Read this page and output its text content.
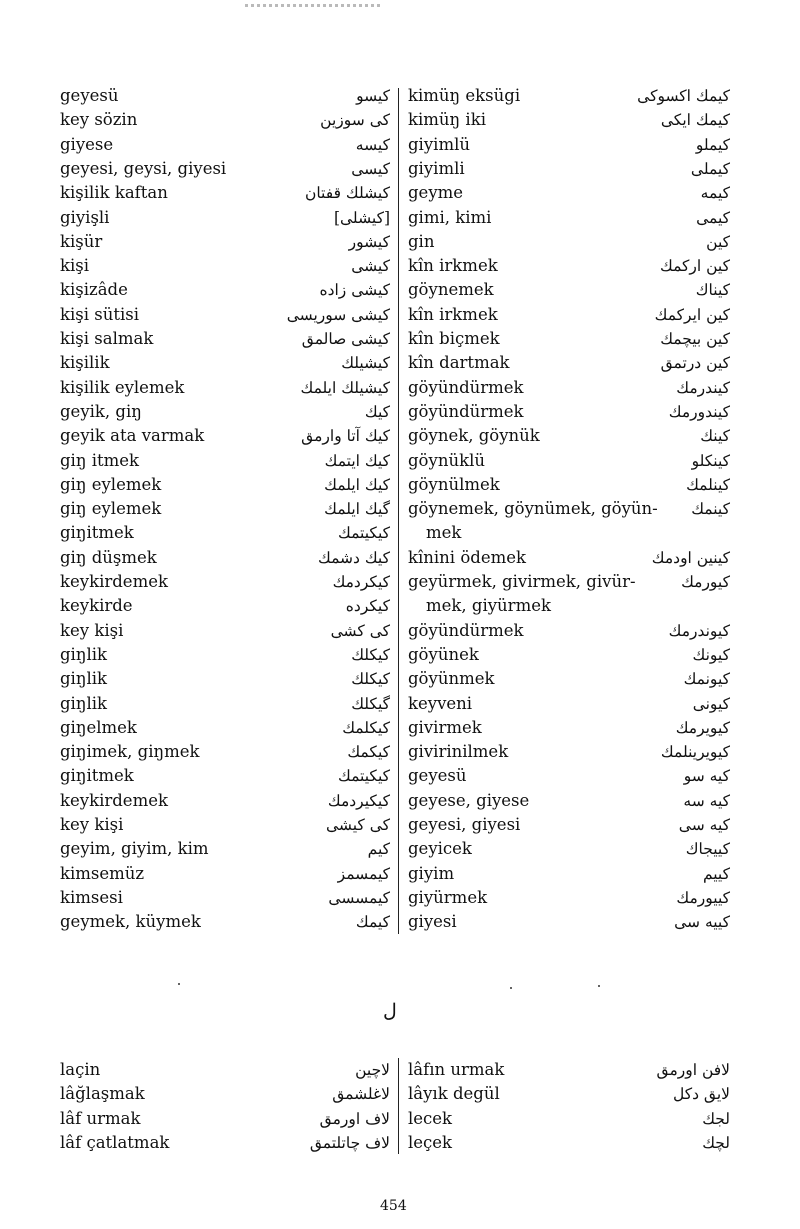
geyesü	کیسو
key sözin	کی سوزین
giyese	کیسه
geyesi, geysi, giyesi	کیسی
kişilik kaftan	کیشلك قفتان
giyişli	[کیشلی]
kişür	کیشور
kişi	کیشی
kişizâde	کیشی زاده
kişi sütisi	کیشی سوریسی
kişi salmak	کیشی صالمق
kişilik	کیشیلك
kişilik eylemek	کیشیلك ایلمك
geyik, giŋ	کیك
geyik ata varmak	کیك آتا وارمق
giŋ itmek	کیك ایتمك
giŋ eylemek	کیك ایلمك
giŋ eylemek	گیك ایلمك
giŋitmek	کیکیتمك
giŋ düşmek	کیك دشمك
keykirdemek	کیکردمك
keykirde	کیکرده
key kişi	کی کشی
giŋlik	کیکلك
giŋlik	کیکلك
giŋlik	گیکلك
giŋelmek	کیکلمك
giŋimek, giŋmek	کیکمك
giŋitmek	کیکیتمك
keykirdemek	کیکیردمك
key kişi	کی کیشی
geyim, giyim, kim	کیم
kimsemüz	کیمسمز
kimsesi	کیمسسی
geymek, küymek	کیمك
kimüŋ eksügi	کیمك اکسوکی
kimüŋ iki	کیمك ایکی
giyimlü	کیملو
giyimli	کیملی
geyme	کیمه
gimi, kimi	کیمی
gin	کین
kîn irkmek	کین ارکمك
göynemek	کیناك
kîn irkmek	کین ایرکمك
kîn biçmek	کین بیچمك
kîn dartmak	کین درتمق
göyündürmek	کیندرمك
göyündürmek	کیندورمك
göynek, göynük	کینك
göynüklü	کینکلو
göynülmek	کینلمك
göynemek, göynümek, göyün- کینمك
mek
kînini ödemek	کینین اودمك
geyürmek, givirmek, givür-	کیورمك
mek, giyürmek
göyündürmek	کیوندرمك
göyünek	کیونك
göyünmek	کیونمك
keyveni	کیونی
givirmek	کیویرمك
givirinilmek	کیویرینلمك
geyesü	کیه سو
geyese, giyese	کیه سه
geyesi, giyesi	کیه سی
geyicek	کییجاك
giyim	کییم
giyürmek	کییورمك
giyesi	کییه سی
ل
laçin	لاچین
lâğlaşmak	لاغلشمق
lâf urmak	لاف اورمق
lâf çatlatmak	لاف چاتلتمق
lâfın urmak	لافن اورمق
lâyık degül	لایق دکل
lecek	لجك
leçek	لچك
454
